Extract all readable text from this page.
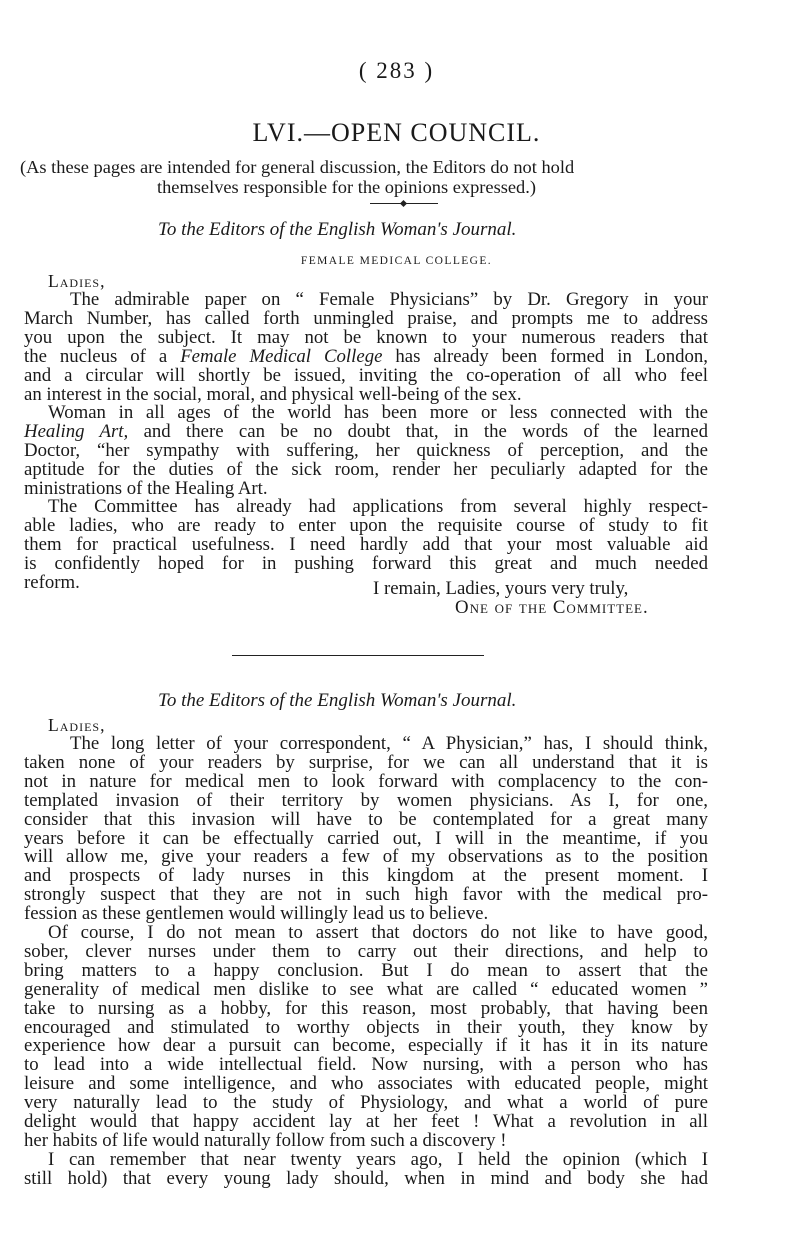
( 283 )
LVI.—OPEN COUNCIL.
(As these pages are intended for general discussion, the Editors do not hold
themselves responsible for the opinions expressed.)
To the Editors of the English Woman's Journal.
FEMALE MEDICAL COLLEGE.
Ladies,
The admirable paper on “ Female Physicians” by Dr. Gregory in your
March Number, has called forth unmingled praise, and prompts me to address
you upon the subject. It may not be known to your numerous readers that
the nucleus of a Female Medical College has already been formed in London,
and a circular will shortly be issued, inviting the co-operation of all who feel
an interest in the social, moral, and physical well-being of the sex.
Woman in all ages of the world has been more or less connected with the
Healing Art, and there can be no doubt that, in the words of the learned
Doctor, “her sympathy with suffering, her quickness of perception, and the
aptitude for the duties of the sick room, render her peculiarly adapted for the
ministrations of the Healing Art.
The Committee has already had applications from several highly respect-
able ladies, who are ready to enter upon the requisite course of study to fit
them for practical usefulness. I need hardly add that your most valuable aid
is confidently hoped for in pushing forward this great and much needed
reform.	I remain, Ladies, yours very truly,
One of the Committee.
To the Editors of the English Woman's Journal.
Ladies,
The long letter of your correspondent, “ A Physician,” has, I should think,
taken none of your readers by surprise, for we can all understand that it is
not in nature for medical men to look forward with complacency to the con-
templated invasion of their territory by women physicians. As I, for one,
consider that this invasion will have to be contemplated for a great many
years before it can be effectually carried out, I will in the meantime, if you
will allow me, give your readers a few of my observations as to the position
and prospects of lady nurses in this kingdom at the present moment. I
strongly suspect that they are not in such high favor with the medical pro-
fession as these gentlemen would willingly lead us to believe.
Of course, I do not mean to assert that doctors do not like to have good,
sober, clever nurses under them to carry out their directions, and help to
bring matters to a happy conclusion. But I do mean to assert that the
generality of medical men dislike to see what are called “ educated women ”
take to nursing as a hobby, for this reason, most probably, that having been
encouraged and stimulated to worthy objects in their youth, they know by
experience how dear a pursuit can become, especially if it has it in its nature
to lead into a wide intellectual field. Now nursing, with a person who has
leisure and some intelligence, and who associates with educated people, might
very naturally lead to the study of Physiology, and what a world of pure
delight would that happy accident lay at her feet ! What a revolution in all
her habits of life would naturally follow from such a discovery !
I can remember that near twenty years ago, I held the opinion (which I
still hold) that every young lady should, when in mind and body she had
